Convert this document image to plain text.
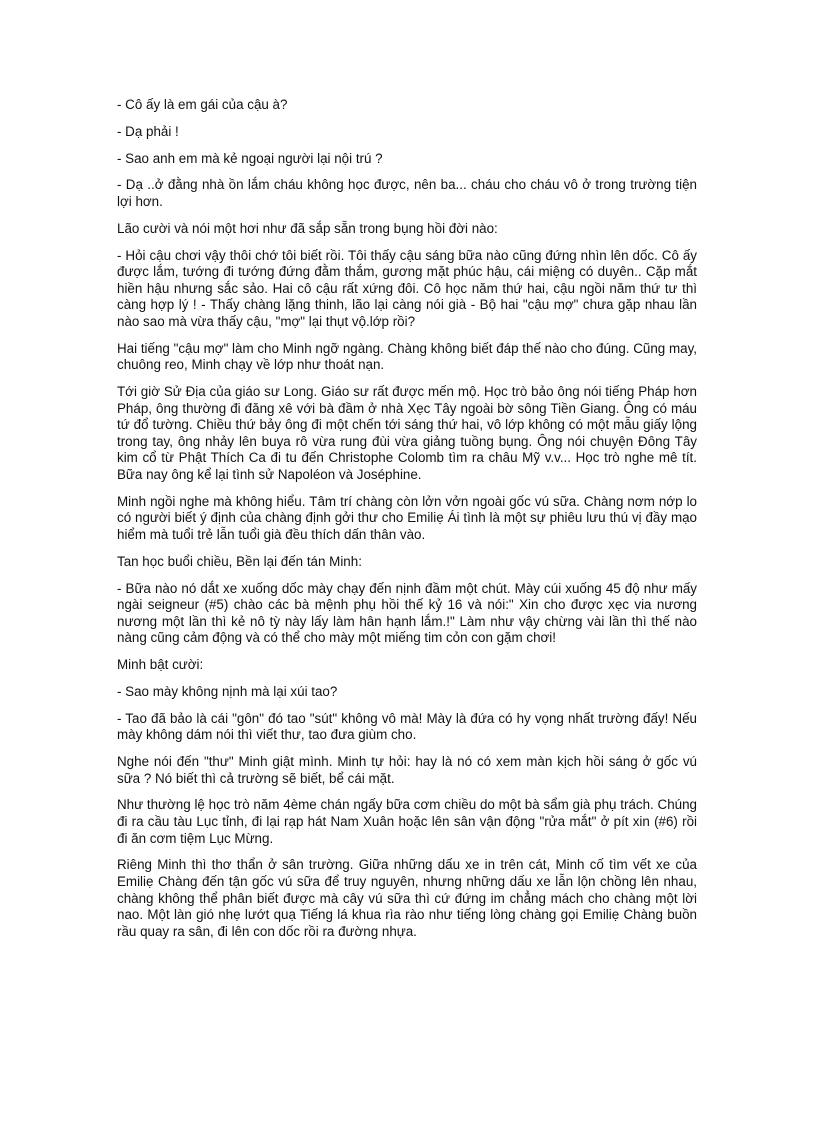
- Cô ấy là em gái của cậu à?

- Dạ phải !

- Sao anh em mà kẻ ngoại người lại nội trú ?

- Dạ ..ở đằng nhà ồn lắm cháu không học được, nên ba... cháu cho cháu vô ở trong trường tiện lợi hơn.

Lão cười và nói một hơi như đã sắp sẵn trong bụng hồi đời nào:

- Hỏi cậu chơi vậy thôi chớ tôi biết rồi. Tôi thấy cậu sáng bữa nào cũng đứng nhìn lên dốc. Cô ấy được lắm, tướng đi tướng đứng đằm thắm, gương mặt phúc hậu, cái miệng có duyên.. Cặp mắt hiền hậu nhưng sắc sảo. Hai cô cậu rất xứng đôi. Cô học năm thứ hai, cậu ngồi năm thứ tư thì càng hợp lý ! - Thấy chàng lặng thinh, lão lại càng nói già - Bộ hai "cậu mợ" chưa gặp nhau lần nào sao mà vừa thấy cậu, "mợ" lại thụt vộ.lớp rồi?

Hai tiếng "cậu mợ" làm cho Minh ngỡ ngàng. Chàng không biết đáp thế nào cho đúng. Cũng may, chuông reo, Minh chạy về lớp như thoát nạn.

Tới giờ Sử Địa của giáo sư Long. Giáo sư rất được mến mộ. Học trò bảo ông nói tiếng Pháp hơn Pháp, ông thường đi đăng xê với bà đầm ở nhà Xẹc Tây ngoài bờ sông Tiền Giang. Ông có máu tứ đổ tường. Chiều thứ bảy ông đi một chến tới sáng thứ hai, vô lớp không có một mẫu giấy lộng trong tay, ông nhảy lên buya rô vừa rung đùi vừa giảng tuồng bụng. Ông nói chuyện Đông Tây kim cổ từ Phật Thích Ca đi tu đến Christophe Colomb tìm ra châu Mỹ v.v... Học trò nghe mê tít. Bữa nay ông kể lại tình sử Napoléon và Joséphine.

Minh ngồi nghe mà không hiểu. Tâm trí chàng còn lởn vởn ngoài gốc vú sữa. Chàng nơm nớp lo có người biết ý định của chàng định gởi thư cho Emiliẹ Ái tình là một sự phiêu lưu thú vị đầy mạo hiểm mà tuổi trẻ lẫn tuổi già đều thích dấn thân vào.

Tan học buổi chiều, Bền lại đến tán Minh:

- Bữa nào nó dắt xe xuống dốc mày chạy đến nịnh đầm một chút. Mày cúi xuống 45 độ như mấy ngài seigneur (#5) chào các bà mệnh phụ hồi thế kỷ 16 và nói:" Xin cho được xẹc via nương nương một lần thì kẻ nô tỳ này lấy làm hân hạnh lắm.!" Làm như vậy chừng vài lần thì thế nào nàng cũng cảm động và có thể cho mày một miếng tim cỏn con gặm chơi!

Minh bật cười:

- Sao mày không nịnh mà lại xúi tao?

- Tao đã bảo là cái "gôn" đó tao "sút" không vô mà! Mày là đứa có hy vọng nhất trường đấy! Nếu mày không dám nói thì viết thư, tao đưa giùm cho.

Nghe nói đến "thư" Minh giật mình. Minh tự hỏi: hay là nó có xem màn kịch hồi sáng ở gốc vú sữa ? Nó biết thì cả trường sẽ biết, bể cái mặt.

Như thường lệ học trò năm 4ème chán ngấy bữa cơm chiều do một bà sẩm già phụ trách. Chúng đi ra cầu tàu Lục tỉnh, đi lại rạp hát Nam Xuân hoặc lên sân vận động "rửa mắt" ở pít xin (#6) rồi đi ăn cơm tiệm Lục Mừng.

Riêng Minh thì thơ thẩn ở sân trường. Giữa những dấu xe in trên cát, Minh cố tìm vết xe của Emiliẹ Chàng đến tận gốc vú sữa để truy nguyên, nhưng những dấu xe lẫn lộn chồng lên nhau, chàng không thể phân biết được mà cây vú sữa thì cứ đứng im chẳng mách cho chàng một lời nao. Một làn gió nhẹ lướt quạ Tiếng lá khua rìa rào như tiếng lòng chàng gọi Emiliẹ Chàng buồn rầu quay ra sân, đi lên con dốc rồi ra đường nhựa.
